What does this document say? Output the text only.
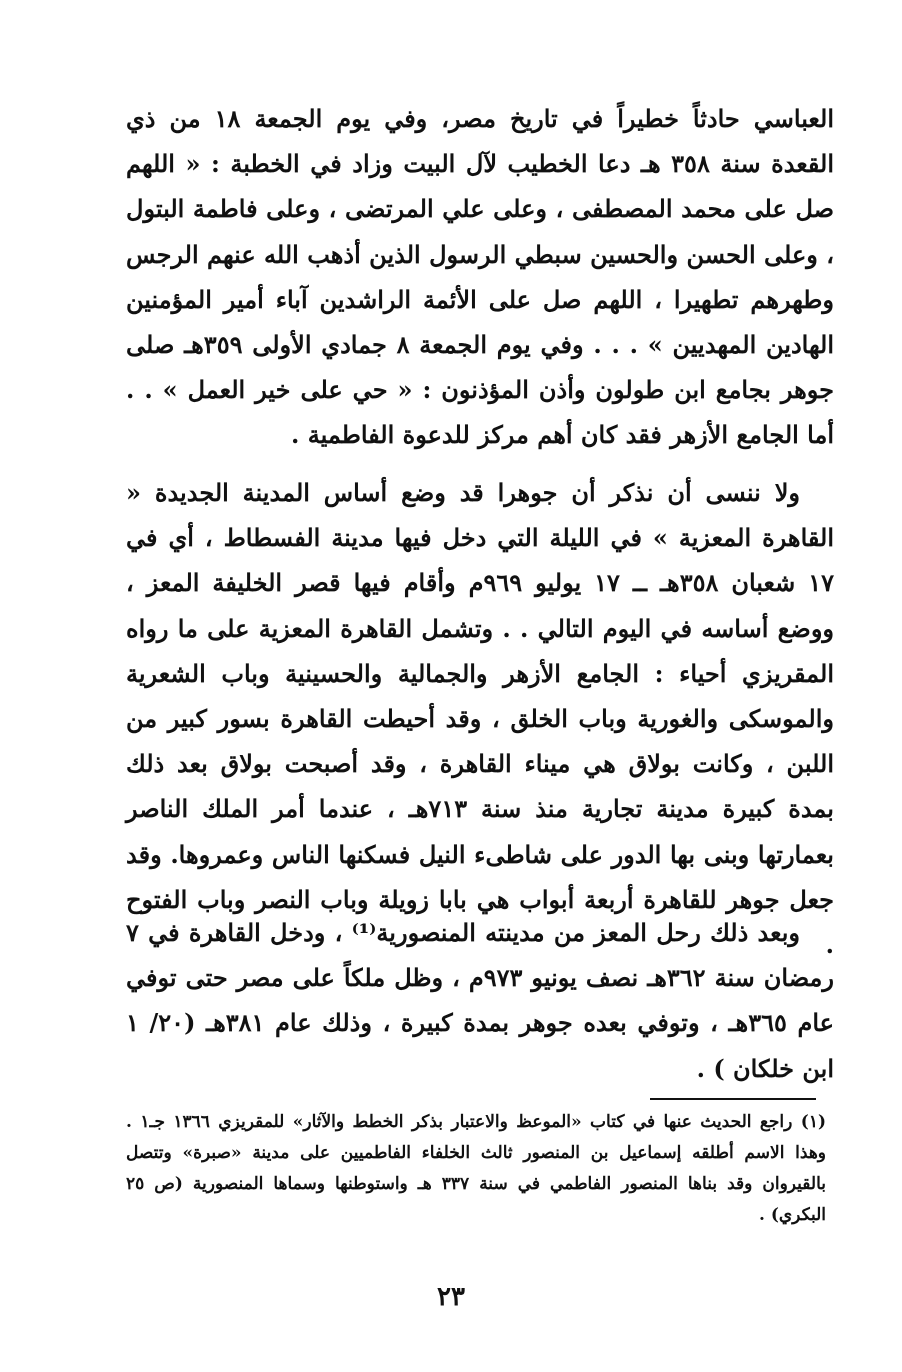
العباسي حادثاً خطيراً في تاريخ مصر، وفي يوم الجمعة ١٨ من ذي القعدة سنة ٣٥٨ هـ دعا الخطيب لآل البيت وزاد في الخطبة : « اللهم صل على محمد المصطفى ، وعلى علي المرتضى ، وعلى فاطمة البتول ، وعلى الحسن والحسين سبطي الرسول الذين أذهب الله عنهم الرجس وطهرهم تطهيرا ، اللهم صل على الأئمة الراشدين آباء أمير المؤمنين الهادين المهديين » . . . وفي يوم الجمعة ٨ جمادي الأولى ٣٥٩هـ صلى جوهر بجامع ابن طولون وأذن المؤذنون : « حي على خير العمل » . . أما الجامع الأزهر فقد كان أهم مركز للدعوة الفاطمية .

ولا ننسى أن نذكر أن جوهرا قد وضع أساس المدينة الجديدة « القاهرة المعزية » في الليلة التي دخل فيها مدينة الفسطاط ، أي في ١٧ شعبان ٣٥٨هـ ــ ١٧ يوليو ٩٦٩م وأقام فيها قصر الخليفة المعز ، ووضع أساسه في اليوم التالي . . وتشمل القاهرة المعزية على ما رواه المقريزي أحياء : الجامع الأزهر والجمالية والحسينية وباب الشعرية والموسكى والغورية وباب الخلق ، وقد أحيطت القاهرة بسور كبير من اللبن ، وكانت بولاق هي ميناء القاهرة ، وقد أصبحت بولاق بعد ذلك بمدة كبيرة مدينة تجارية منذ سنة ٧١٣هـ ، عندما أمر الملك الناصر بعمارتها وبنى بها الدور على شاطىء النيل فسكنها الناس وعمروها. وقد جعل جوهر للقاهرة أربعة أبواب هي بابا زويلة وباب النصر وباب الفتوح .

وبعد ذلك رحل المعز من مدينته المنصورية⁽¹⁾ ، ودخل القاهرة في ٧ رمضان سنة ٣٦٢هـ نصف يونيو ٩٧٣م ، وظل ملكاً على مصر حتى توفي عام ٣٦٥هـ ، وتوفي بعده جوهر بمدة كبيرة ، وذلك عام ٣٨١هـ (٢٠/ ١ ابن خلكان ) .

(١) راجع الحديث عنها في كتاب «الموعظ والاعتبار بذكر الخطط والآثار» للمقريزي ١٣٦٦ جـ١ . وهذا الاسم أطلقه إسماعيل بن المنصور ثالث الخلفاء الفاطميين على مدينة «صبرة» وتتصل بالقيروان وقد بناها المنصور الفاطمي في سنة ٣٣٧ هـ واستوطنها وسماها المنصورية (ص ٢٥ البكري) .

٢٣
